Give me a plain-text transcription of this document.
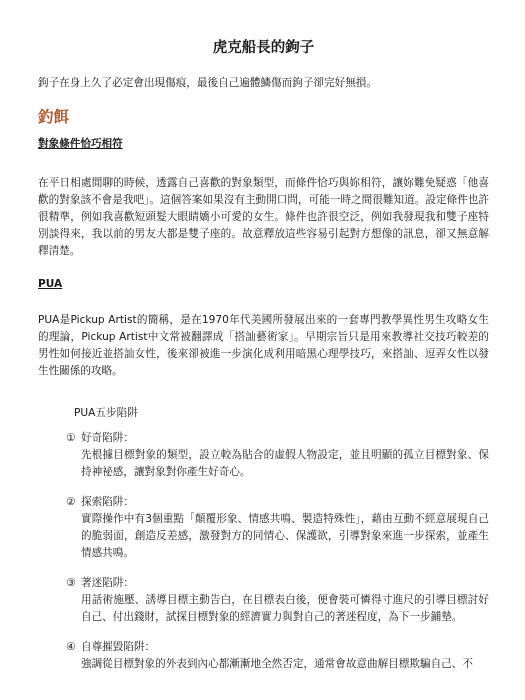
虎克船長的鉤子

鉤子在身上久了必定會出現傷痕，最後自己遍體鱗傷而鉤子卻完好無損。

釣餌
對象條件恰巧相符

在平日相處閒聊的時候，透露自己喜歡的對象類型，而條件恰巧與妳相符，讓妳難免疑惑「他喜歡的對象該不會是我吧」。這個答案如果沒有主動開口問，可能一時之間很難知道。設定條件也許很精準，例如我喜歡短頭髮大眼睛嬌小可愛的女生。條件也許很空泛，例如我發現我和雙子座特別談得來，我以前的男友大都是雙子座的。故意釋放這些容易引起對方想像的訊息，卻又無意解釋清楚。

PUA

PUA是Pickup Artist的簡稱，是在1970年代美國所發展出來的一套專門教學異性男生攻略女生的理論，Pickup Artist中文常被翻譯成「搭訕藝術家」。早期宗旨只是用來教導社交技巧較差的男性如何接近並搭訕女性，後來卻被進一步演化成利用暗黑心理學技巧，來搭訕、逗弄女性以發生性關係的攻略。

PUA五步陷阱
① 好奇陷阱：

先根據目標對象的類型，設立較為貼合的虛假人物設定，並且明顯的孤立目標對象、保持神祕感，讓對象對你產生好奇心。

② 探索陷阱：

實際操作中有3個重點「顛覆形象、情感共鳴、製造特殊性」，藉由互動不經意展現自己的脆弱面，創造反差感，激發對方的同情心、保護欲，引導對象來進一步探索，並產生情感共鳴。

③ 著迷陷阱：

用話術施壓、誘導目標主動告白，在目標表白後，便會裝可憐得寸進尺的引導目標討好自己、付出錢財，試探目標對象的經濟實力與對自己的著迷程度，為下一步鋪墊。

④ 自尊摧毀陷阱：

強調從目標對象的外表到內心都漸漸地全然否定，通常會故意曲解目標欺騙自己、不
